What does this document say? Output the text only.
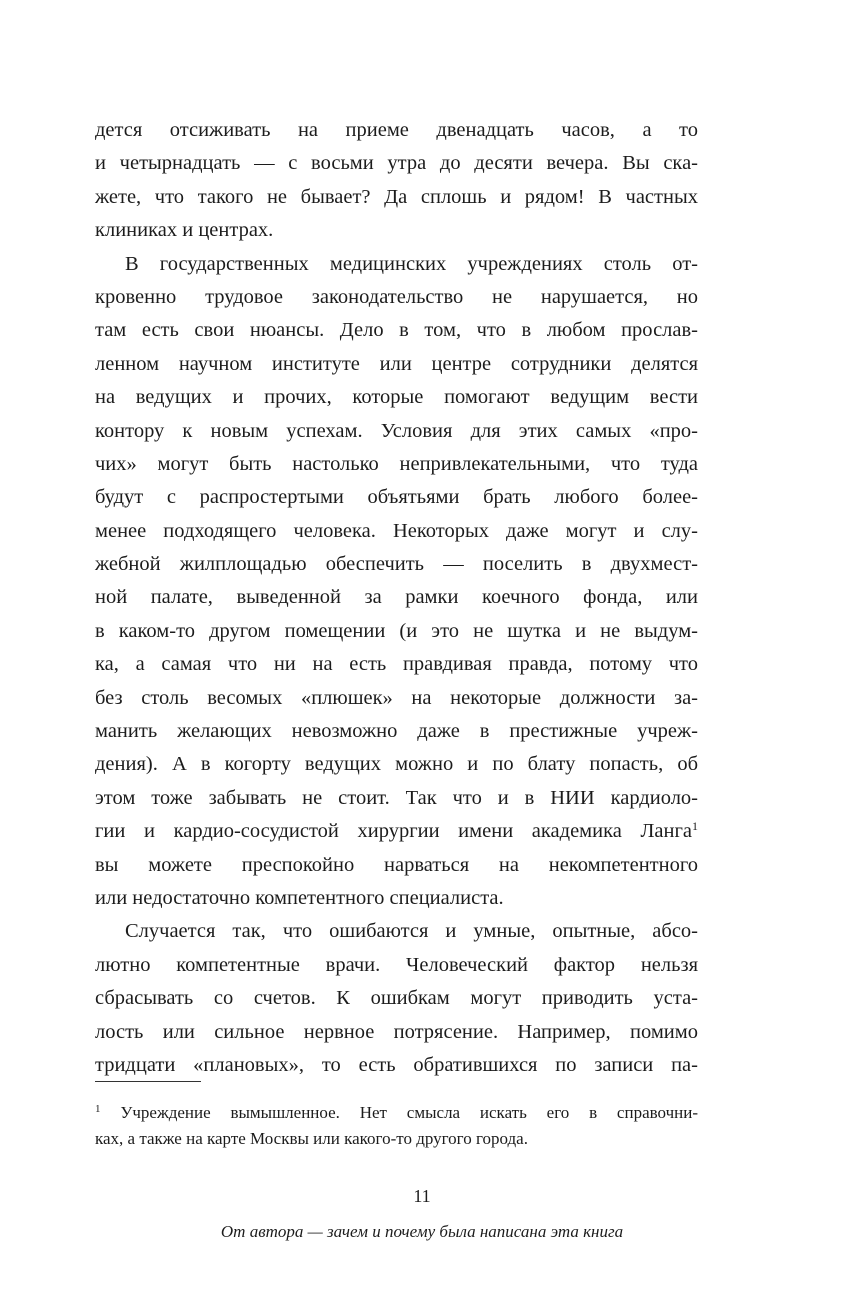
дется отсиживать на приеме двенадцать часов, а то
и четырнадцать — с восьми утра до десяти вечера. Вы ска-
жете, что такого не бывает? Да сплошь и рядом! В частных
клиниках и центрах.
В государственных медицинских учреждениях столь от-
кровенно трудовое законодательство не нарушается, но
там есть свои нюансы. Дело в том, что в любом прослав-
ленном научном институте или центре сотрудники делятся
на ведущих и прочих, которые помогают ведущим вести
контору к новым успехам. Условия для этих самых «про-
чих» могут быть настолько непривлекательными, что туда
будут с распростертыми объятьями брать любого более-
менее подходящего человека. Некоторых даже могут и слу-
жебной жилплощадью обеспечить — поселить в двухмест-
ной палате, выведенной за рамки коечного фонда, или
в каком-то другом помещении (и это не шутка и не выдум-
ка, а самая что ни на есть правдивая правда, потому что
без столь весомых «плюшек» на некоторые должности за-
манить желающих невозможно даже в престижные учреж-
дения). А в когорту ведущих можно и по блату попасть, об
этом тоже забывать не стоит. Так что и в НИИ кардиоло-
гии и кардио-сосудистой хирургии имени академика Ланга$^1$
вы можете преспокойно нарваться на некомпетентного
или недостаточно компетентного специалиста.
Случается так, что ошибаются и умные, опытные, абсо-
лютно компетентные врачи. Человеческий фактор нельзя
сбрасывать со счетов. К ошибкам могут приводить уста-
лость или сильное нервное потрясение. Например, помимо
тридцати «плановых», то есть обратившихся по записи па-
$^1$ Учреждение вымышленное. Нет смысла искать его в справочни-
ках, а также на карте Москвы или какого-то другого города.
11
От автора — зачем и почему была написана эта книга
